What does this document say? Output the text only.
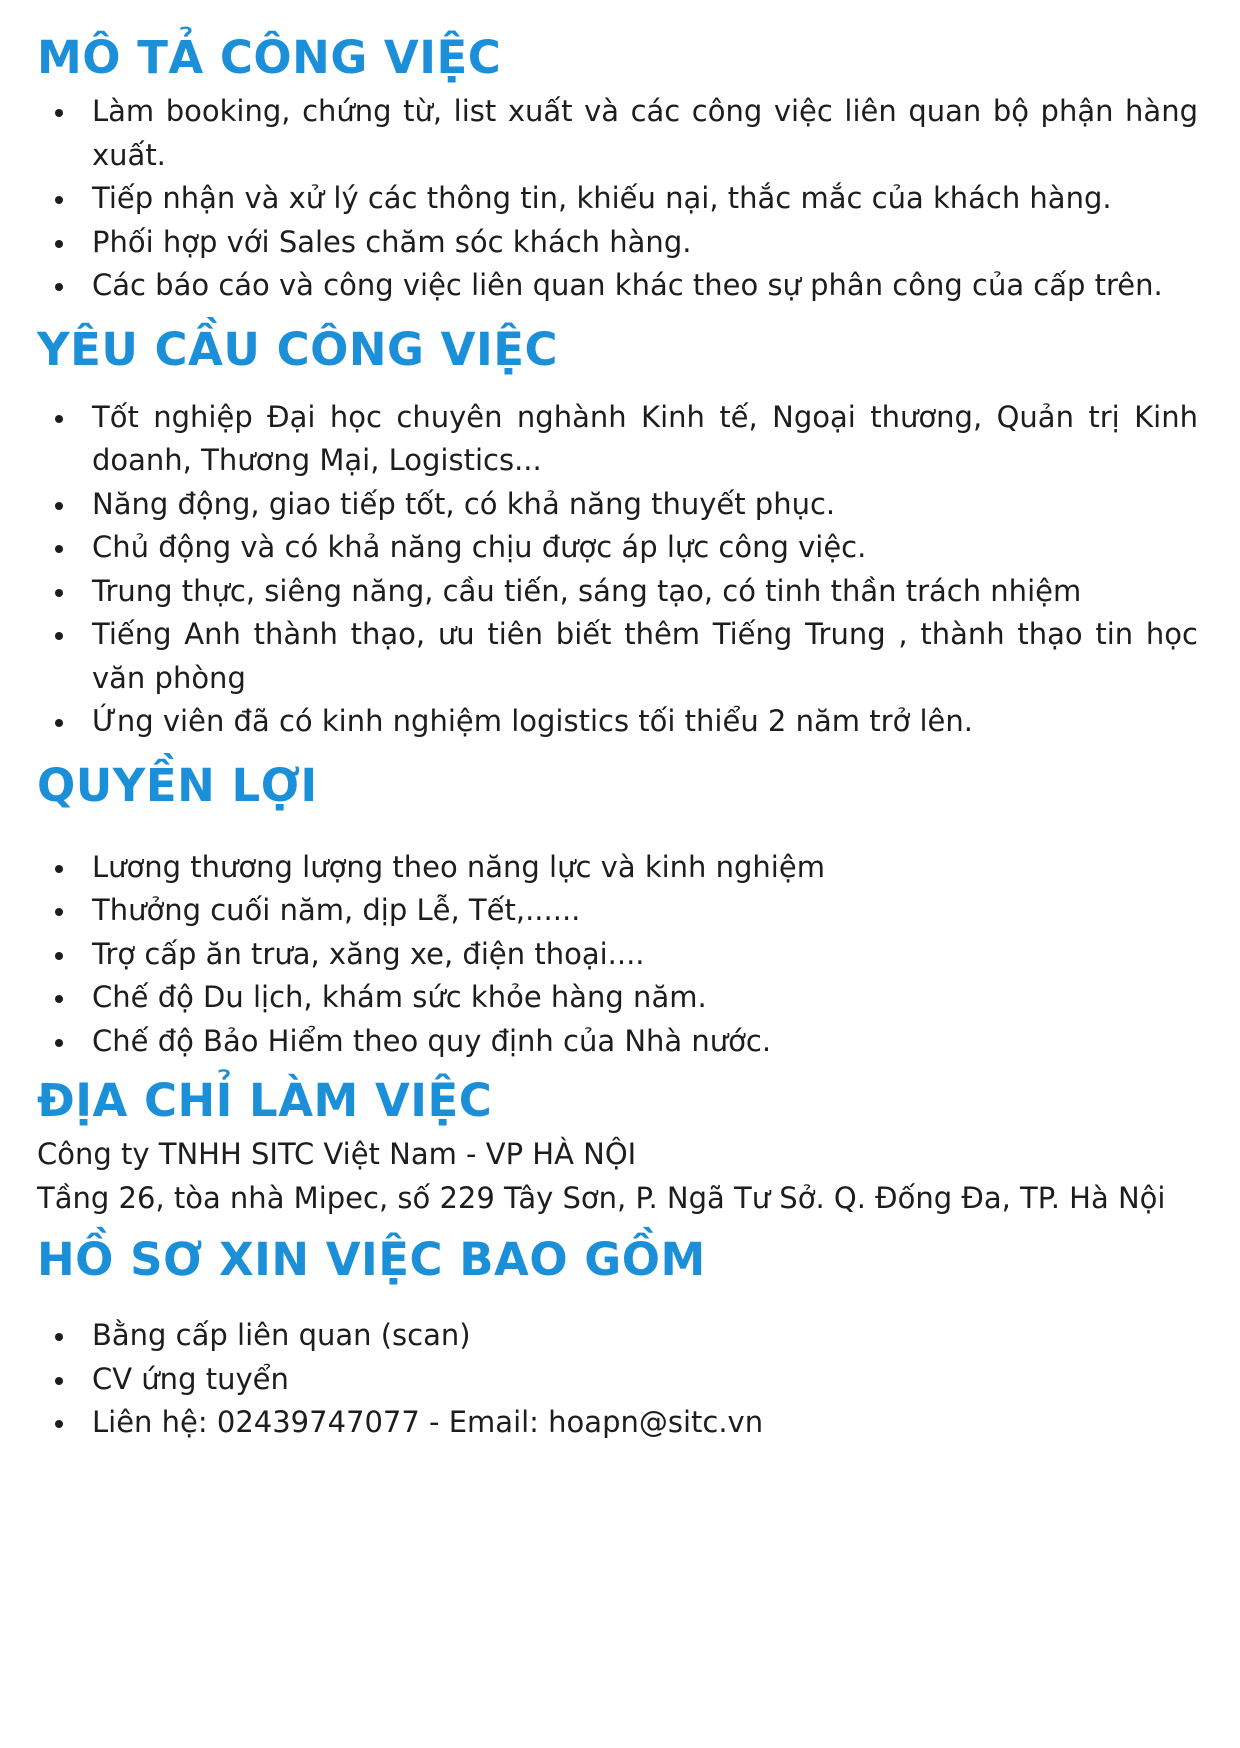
MÔ TẢ CÔNG VIỆC
Làm booking, chứng từ, list xuất và các công việc liên quan bộ phận hàng xuất.
Tiếp nhận và xử lý các thông tin, khiếu nại, thắc mắc của khách hàng.
Phối hợp với Sales chăm sóc khách hàng.
Các báo cáo và công việc liên quan khác theo sự phân công của cấp trên.
YÊU CẦU CÔNG VIỆC
Tốt nghiệp Đại học chuyên nghành Kinh tế, Ngoại thương, Quản trị Kinh doanh, Thương Mại, Logistics...
Năng động, giao tiếp tốt, có khả năng thuyết phục.
Chủ động và có khả năng chịu được áp lực công việc.
Trung thực, siêng năng, cầu tiến, sáng tạo, có tinh thần trách nhiệm
Tiếng Anh thành thạo, ưu tiên biết thêm Tiếng Trung , thành thạo tin học văn phòng
Ứng viên đã có kinh nghiệm logistics tối thiểu 2 năm trở lên.
QUYỀN LỢI
Lương thương lượng theo năng lực và kinh nghiệm
Thưởng cuối năm, dịp Lễ, Tết,......
Trợ cấp ăn trưa, xăng xe, điện thoại....
Chế độ Du lịch, khám sức khỏe hàng năm.
Chế độ Bảo Hiểm theo quy định của Nhà nước.
ĐỊA CHỈ LÀM VIỆC

Công ty TNHH SITC Việt Nam - VP HÀ NỘI

Tầng 26, tòa nhà Mipec, số 229 Tây Sơn, P. Ngã Tư Sở. Q. Đống Đa, TP. Hà Nội

HỒ SƠ XIN VIỆC BAO GỒM
Bằng cấp liên quan (scan)
CV ứng tuyển
Liên hệ: 02439747077 - Email: hoapn@sitc.vn
